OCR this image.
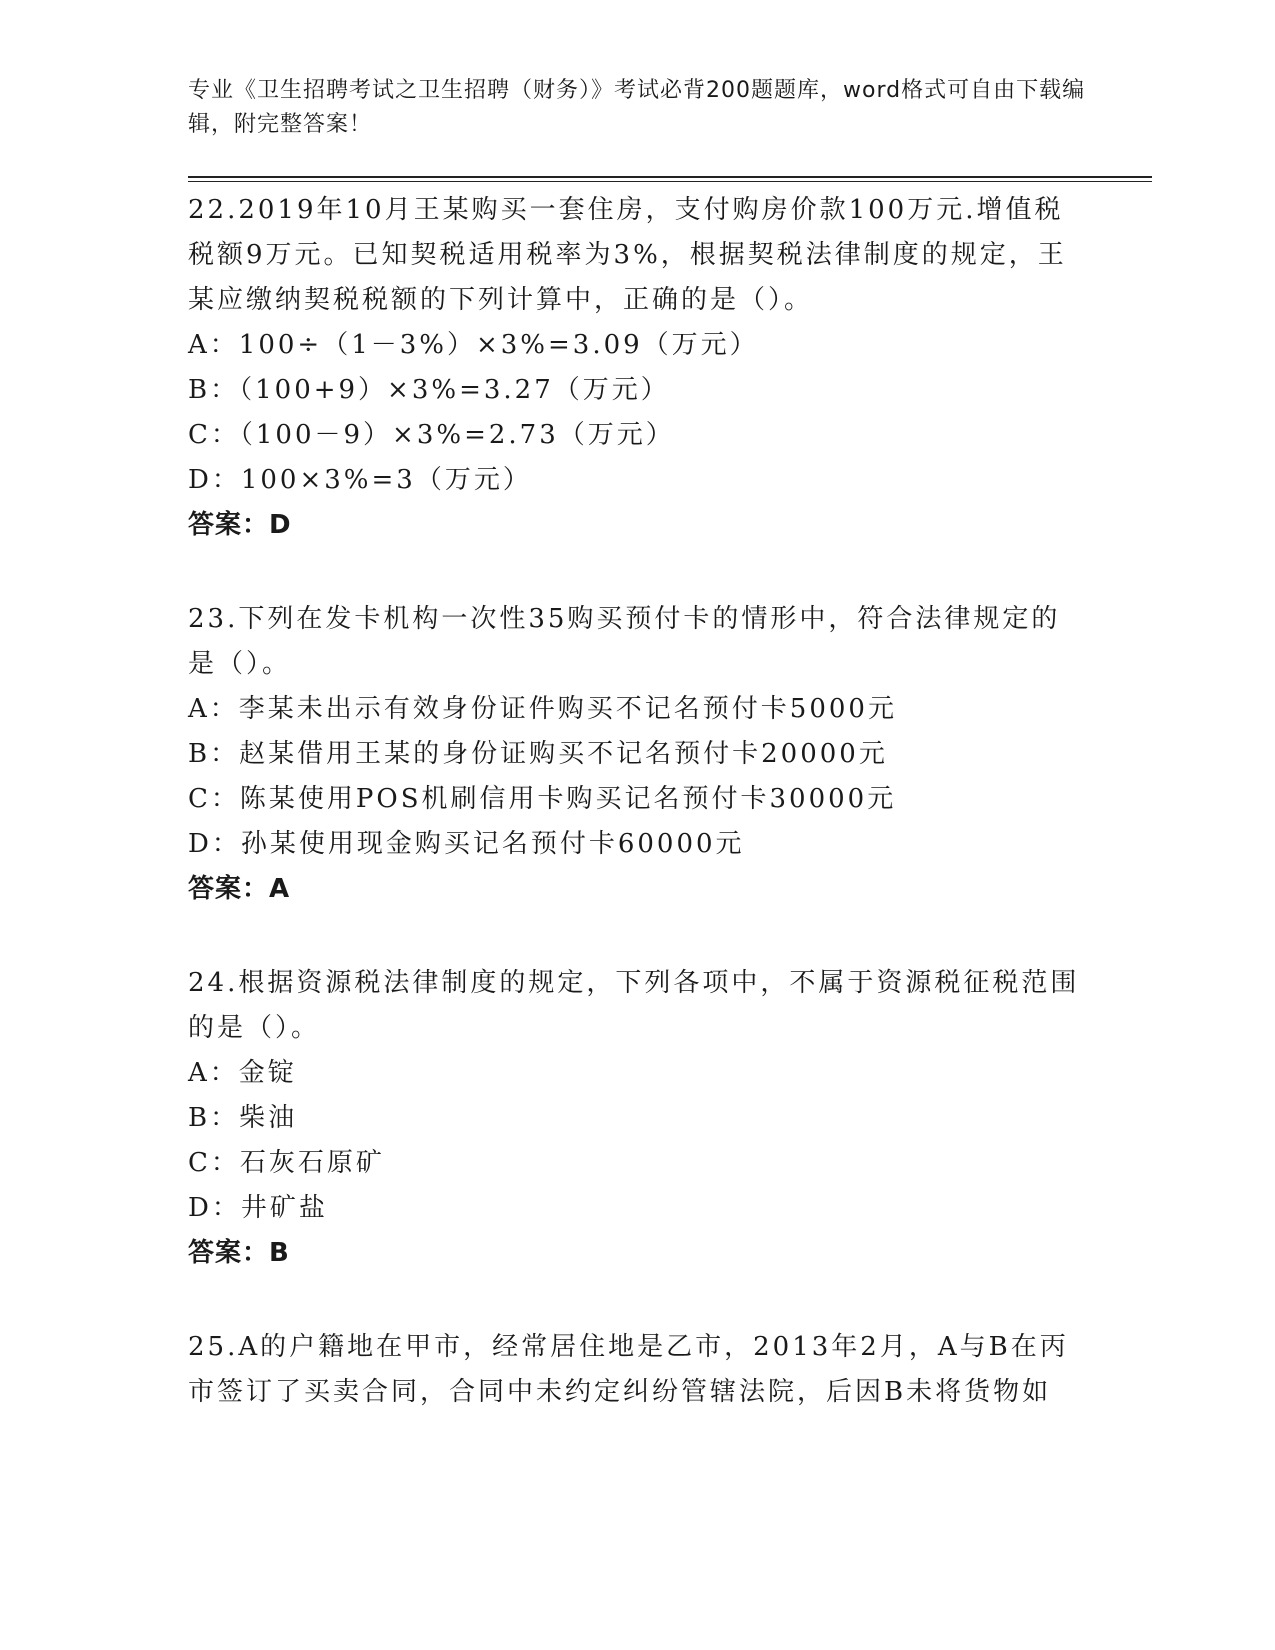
专业《卫生招聘考试之卫生招聘（财务）》考试必背200题题库，word格式可自由下载编辑，附完整答案！

22.2019年10月王某购买一套住房，支付购房价款100万元.增值税税额9万元。已知契税适用税率为3%，根据契税法律制度的规定，王某应缴纳契税税额的下列计算中，正确的是（）。

A：100÷（1－3%）×3%=3.09（万元）

B：（100+9）×3%=3.27（万元）

C：（100－9）×3%=2.73（万元）

D：100×3%=3（万元）

答案：D

23.下列在发卡机构一次性35购买预付卡的情形中，符合法律规定的是（）。

A：李某未出示有效身份证件购买不记名预付卡5000元

B：赵某借用王某的身份证购买不记名预付卡20000元

C：陈某使用POS机刷信用卡购买记名预付卡30000元

D：孙某使用现金购买记名预付卡60000元

答案：A

24.根据资源税法律制度的规定，下列各项中，不属于资源税征税范围的是（）。

A：金锭

B：柴油

C：石灰石原矿

D：井矿盐

答案：B

25.A的户籍地在甲市，经常居住地是乙市，2013年2月，A与B在丙市签订了买卖合同，合同中未约定纠纷管辖法院，后因B未将货物如
